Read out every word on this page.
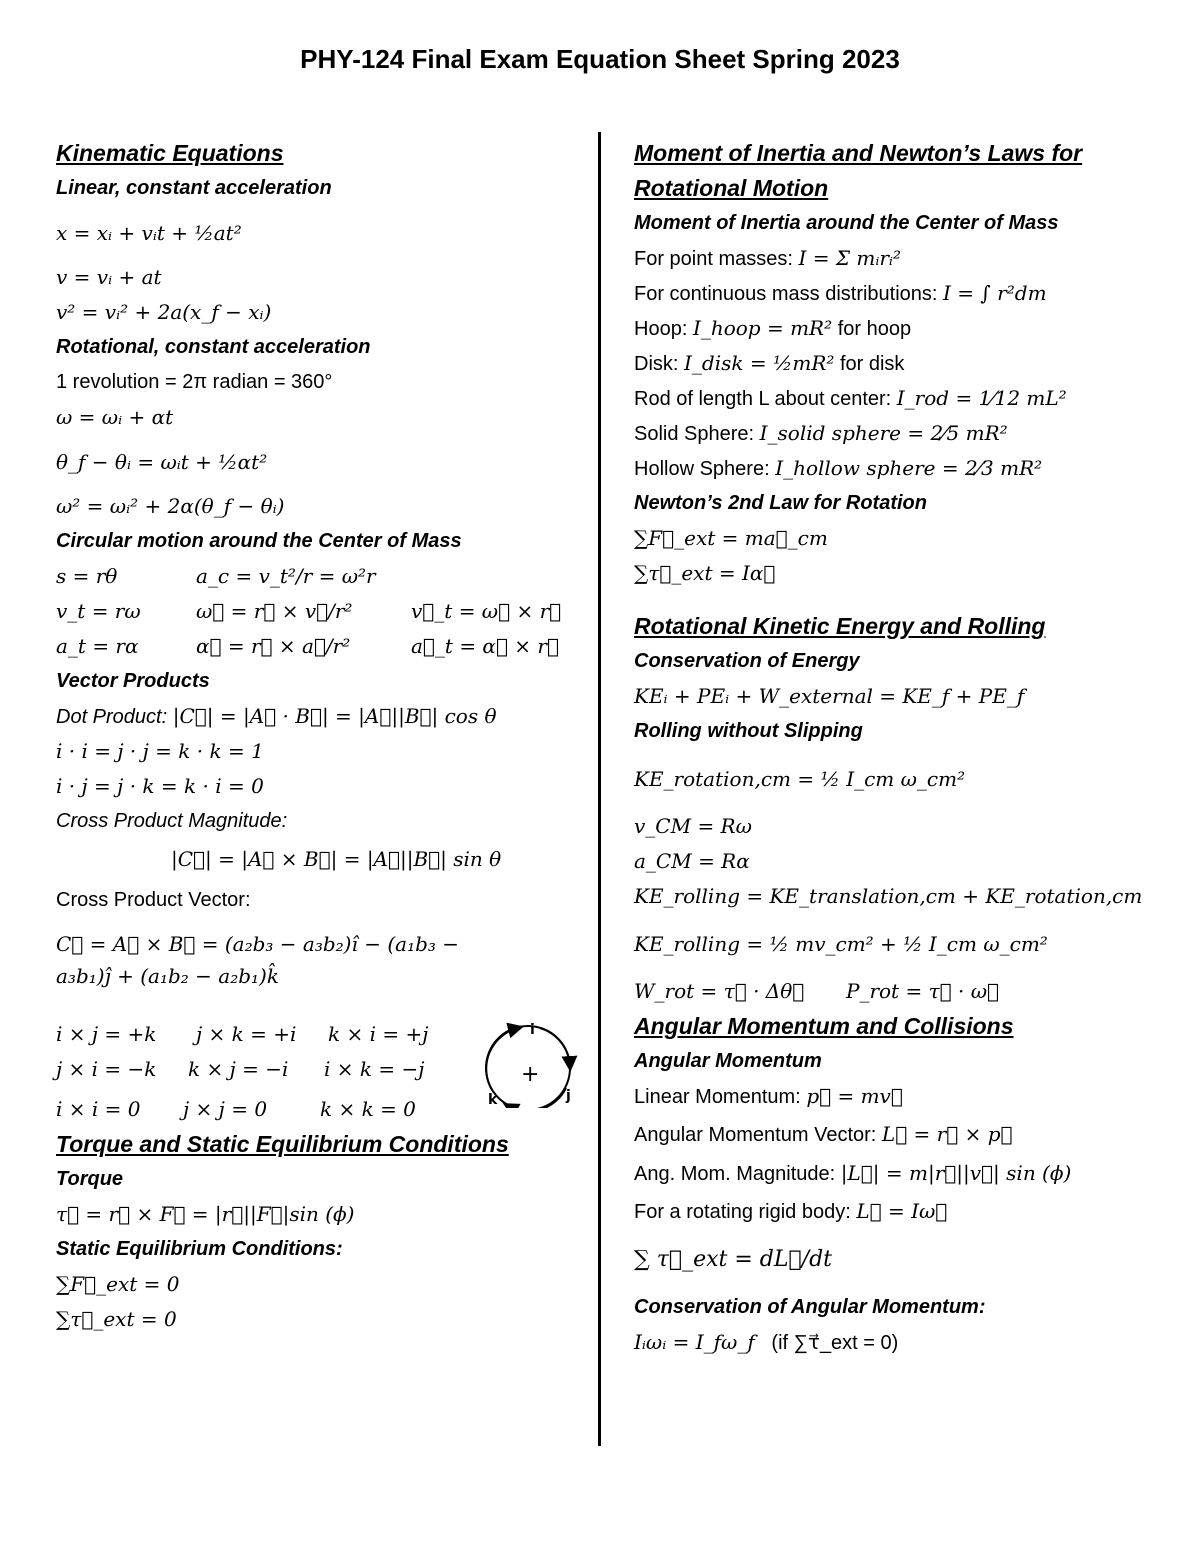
PHY-124 Final Exam Equation Sheet Spring 2023
Kinematic Equations
Linear, constant acceleration
x = xᵢ + vᵢt + ½at²
v = vᵢ + at
v² = vᵢ² + 2a(x_f − xᵢ)
Rotational, constant acceleration
1 revolution = 2π radian = 360°
ω = ωᵢ + αt
θ_f − θᵢ = ωᵢt + ½αt²
ω² = ωᵢ² + 2α(θ_f − θᵢ)
Circular motion around the Center of Mass
s = rθ	a_c = v_t²/r = ω²r
v_t = rω	ω⃗ = r⃗ × v⃗/r²	v⃗_t = ω⃗ × r⃗
a_t = rα	α⃗ = r⃗ × a⃗/r²	a⃗_t = α⃗ × r⃗
Vector Products
Dot Product: |C⃗| = |A⃗ · B⃗| = |A⃗||B⃗| cos θ
i · i = j · j = k · k = 1
i · j = j · k = k · i = 0
Cross Product Magnitude:
|C⃗| = |A⃗ × B⃗| = |A⃗||B⃗| sin θ
Cross Product Vector:
C⃗ = A⃗ × B⃗ = (a₂b₃ − a₃b₂)î − (a₁b₃ −
a₃b₁)ĵ + (a₁b₂ − a₂b₁)k̂
i × j = +k j × k = +i k × i = +j
j × i = −k k × j = −i i × k = −j
i × i = 0 j × j = 0	k × k = 0
Torque and Static Equilibrium Conditions
Torque
τ⃗ = r⃗ × F⃗ = |r⃗||F⃗|sin (ϕ)
Static Equilibrium Conditions:
∑F⃗_ext = 0
∑τ⃗_ext = 0
i
j
k
+
Moment of Inertia and Newton’s Laws for
Rotational Motion
Moment of Inertia around the Center of Mass
For point masses: I = Σ mᵢrᵢ²
For continuous mass distributions: I = ∫ r²dm
Hoop: I_hoop = mR² for hoop
Disk: I_disk = ½mR² for disk
Rod of length L about center: I_rod = 1⁄12 mL²
Solid Sphere: I_solid sphere = 2⁄5 mR²
Hollow Sphere: I_hollow sphere = 2⁄3 mR²
Newton’s 2nd Law for Rotation
∑F⃗_ext = ma⃗_cm
∑τ⃗_ext = Iα⃗
Rotational Kinetic Energy and Rolling
Conservation of Energy
KEᵢ + PEᵢ + W_external = KE_f + PE_f
Rolling without Slipping
KE_rotation,cm = ½ I_cm ω_cm²
v_CM = Rω
a_CM = Rα
KE_rolling = KE_translation,cm + KE_rotation,cm
KE_rolling = ½ mv_cm² + ½ I_cm ω_cm²
W_rot = τ⃗ · Δθ⃗ P_rot = τ⃗ · ω⃗
Angular Momentum and Collisions
Angular Momentum
Linear Momentum: p⃗ = mv⃗
Angular Momentum Vector: L⃗ = r⃗ × p⃗
Ang. Mom. Magnitude: |L⃗| = m|r⃗||v⃗| sin (ϕ)
For a rotating rigid body: L⃗ = Iω⃗
∑ τ⃗_ext = dL⃗/dt
Conservation of Angular Momentum:
Iᵢωᵢ = I_fω_f (if ∑τ⃗_ext = 0)
